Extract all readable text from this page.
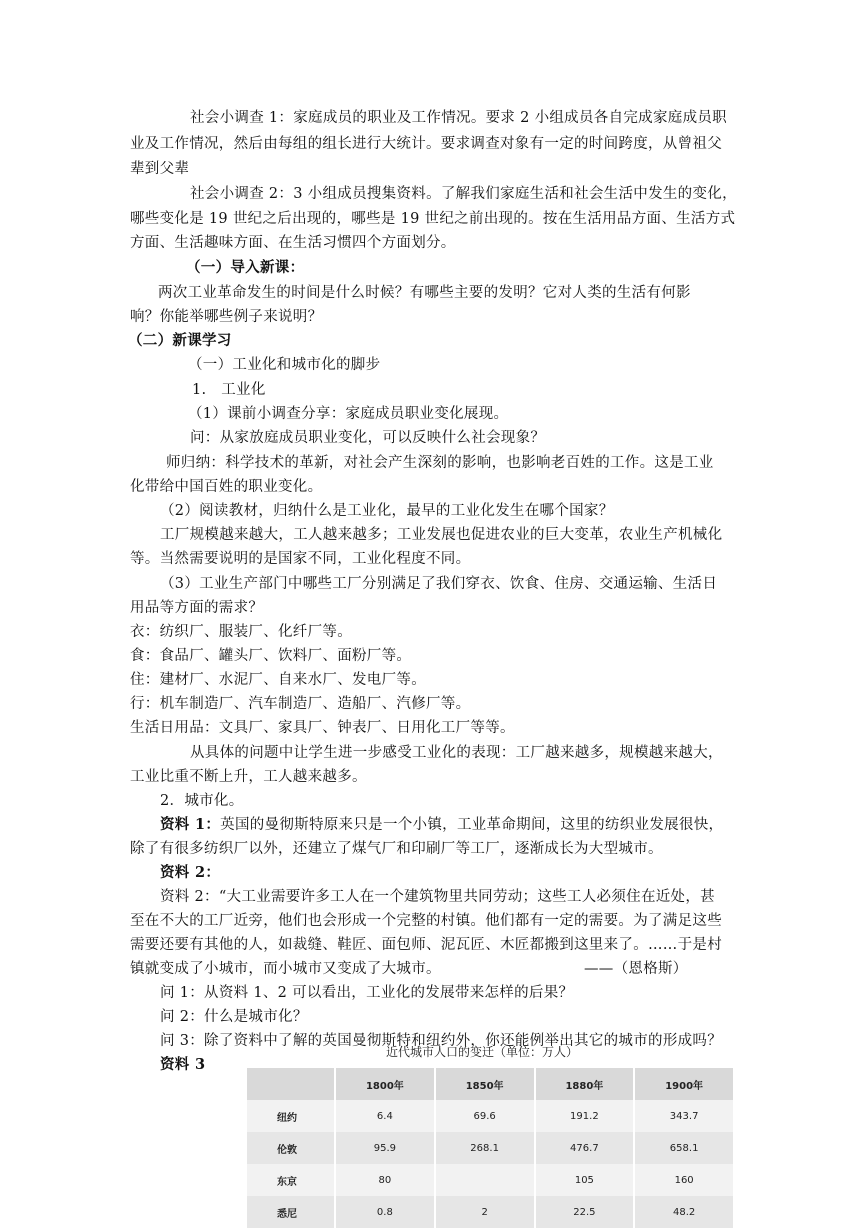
社会小调查 1：家庭成员的职业及工作情况。要求 2 小组成员各自完成家庭成员职
业及工作情况，然后由每组的组长进行大统计。要求调查对象有一定的时间跨度，从曾祖父
辈到父辈
社会小调查 2：3 小组成员搜集资料。了解我们家庭生活和社会生活中发生的变化，
哪些变化是 19 世纪之后出现的，哪些是 19 世纪之前出现的。按在生活用品方面、生活方式
方面、生活趣味方面、在生活习惯四个方面划分。
（一）导入新课：
两次工业革命发生的时间是什么时候？有哪些主要的发明？它对人类的生活有何影
响？你能举哪些例子来说明？
（二）新课学习
（一）工业化和城市化的脚步
1.　工业化
（1）课前小调查分享：家庭成员职业变化展现。
问：从家放庭成员职业变化，可以反映什么社会现象？
师归纳：科学技术的革新，对社会产生深刻的影响，也影响老百姓的工作。这是工业
化带给中国百姓的职业变化。
（2）阅读教材，归纳什么是工业化，最早的工业化发生在哪个国家？
工厂规模越来越大，工人越来越多；工业发展也促进农业的巨大变革，农业生产机械化
等。当然需要说明的是国家不同，工业化程度不同。
（3）工业生产部门中哪些工厂分别满足了我们穿衣、饮食、住房、交通运输、生活日
用品等方面的需求？
衣：纺织厂、服装厂、化纤厂等。
食：食品厂、罐头厂、饮料厂、面粉厂等。
住：建材厂、水泥厂、自来水厂、发电厂等。
行：机车制造厂、汽车制造厂、造船厂、汽修厂等。
生活日用品：文具厂、家具厂、钟表厂、日用化工厂等等。
从具体的问题中让学生进一步感受工业化的表现：工厂越来越多，规模越来越大，
工业比重不断上升，工人越来越多。
2．城市化。
资料 1：英国的曼彻斯特原来只是一个小镇，工业革命期间，这里的纺织业发展很快，
除了有很多纺织厂以外，还建立了煤气厂和印刷厂等工厂，逐渐成长为大型城市。
资料 2：
资料 2：“大工业需要许多工人在一个建筑物里共同劳动；这些工人必须住在近处，甚
至在不大的工厂近旁，他们也会形成一个完整的村镇。他们都有一定的需要。为了满足这些
需要还要有其他的人，如裁缝、鞋匠、面包师、泥瓦匠、木匠都搬到这里来了。……于是村
镇就变成了小城市，而小城市又变成了大城市。	——（恩格斯）
问 1：从资料 1、2 可以看出，工业化的发展带来怎样的后果？
问 2：什么是城市化？
问 3：除了资料中了解的英国曼彻斯特和纽约外，你还能例举出其它的城市的形成吗？
资料 3
近代城市人口的变迁（单位：万人）
	1800年	1850年	1880年	1900年
纽约	6.4	69.6	191.2	343.7
伦敦	95.9	268.1	476.7	658.1
东京	80		105	160
悉尼	0.8	2	22.5	48.2
